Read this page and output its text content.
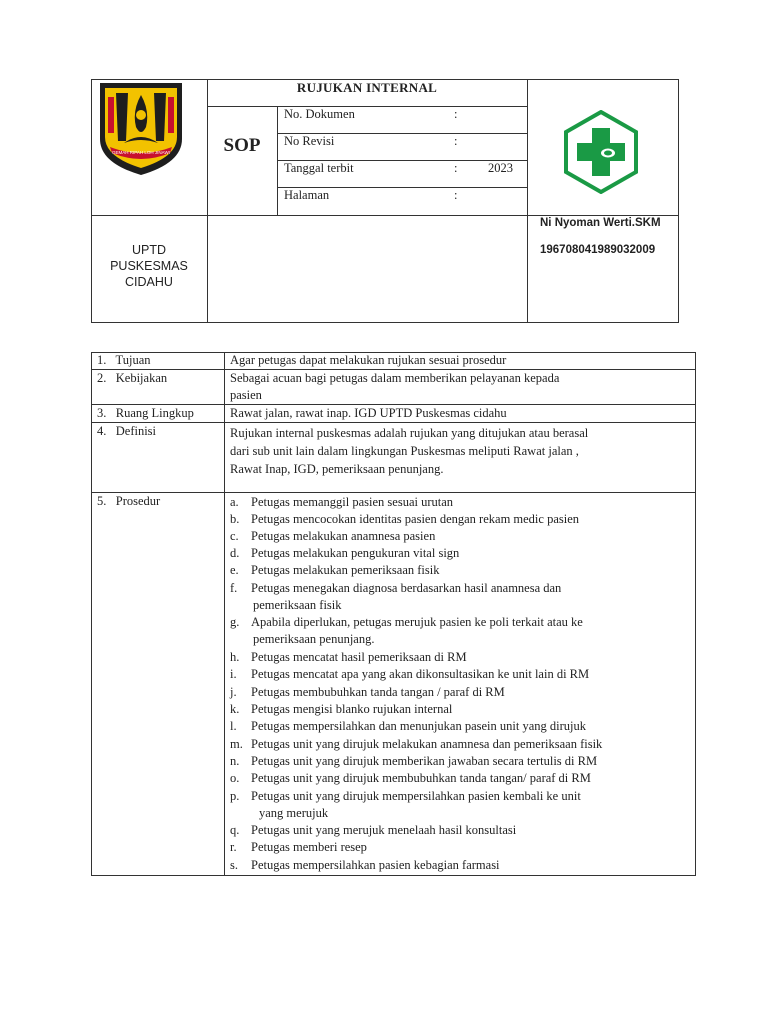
GEMAH RIPAH LOH JINAWI
RUJUKAN INTERNAL
SOP
No. Dokumen	:
No Revisi	:
Tanggal terbit	: 2023
Halaman	:
UPTD
PUSKESMAS
CIDAHU
Ni Nyoman Werti.SKM
196708041989032009
1.   Tujuan	Agar petugas dapat melakukan rujukan sesuai prosedur
2.   Kebijakan	Sebagai acuan bagi petugas dalam memberikan pelayanan kepada
pasien
3.   Ruang Lingkup	Rawat jalan, rawat inap. IGD UPTD Puskesmas cidahu
4.   Definisi	Rujukan internal puskesmas adalah rujukan yang ditujukan atau berasal
dari sub unit lain dalam lingkungan Puskesmas meliputi Rawat jalan ,
Rawat Inap, IGD, pemeriksaan penunjang.
5.   Prosedur	a. Petugas memanggil pasien sesuai urutan
b. Petugas mencocokan identitas pasien dengan rekam medic pasien
c. Petugas melakukan anamnesa pasien
d. Petugas melakukan pengukuran vital sign
e. Petugas melakukan pemeriksaan fisik
f. Petugas menegakan diagnosa berdasarkan hasil anamnesa dan
pemeriksaan fisik
g. Apabila diperlukan, petugas merujuk pasien ke poli terkait atau ke
pemeriksaan penunjang.
h. Petugas mencatat hasil pemeriksaan di RM
i. Petugas mencatat apa yang akan dikonsultasikan ke unit lain di RM
j. Petugas membubuhkan tanda tangan / paraf di RM
k. Petugas mengisi blanko rujukan internal
l. Petugas mempersilahkan dan menunjukan pasein unit yang dirujuk
m. Petugas unit yang dirujuk melakukan anamnesa dan pemeriksaan fisik
n. Petugas unit yang dirujuk memberikan jawaban secara tertulis di RM
o. Petugas unit yang dirujuk membubuhkan tanda tangan/ paraf di RM
p. Petugas unit yang dirujuk mempersilahkan pasien kembali ke unit
yang merujuk
q. Petugas unit yang merujuk menelaah hasil konsultasi
r. Petugas memberi resep
s. Petugas mempersilahkan pasien kebagian farmasi
